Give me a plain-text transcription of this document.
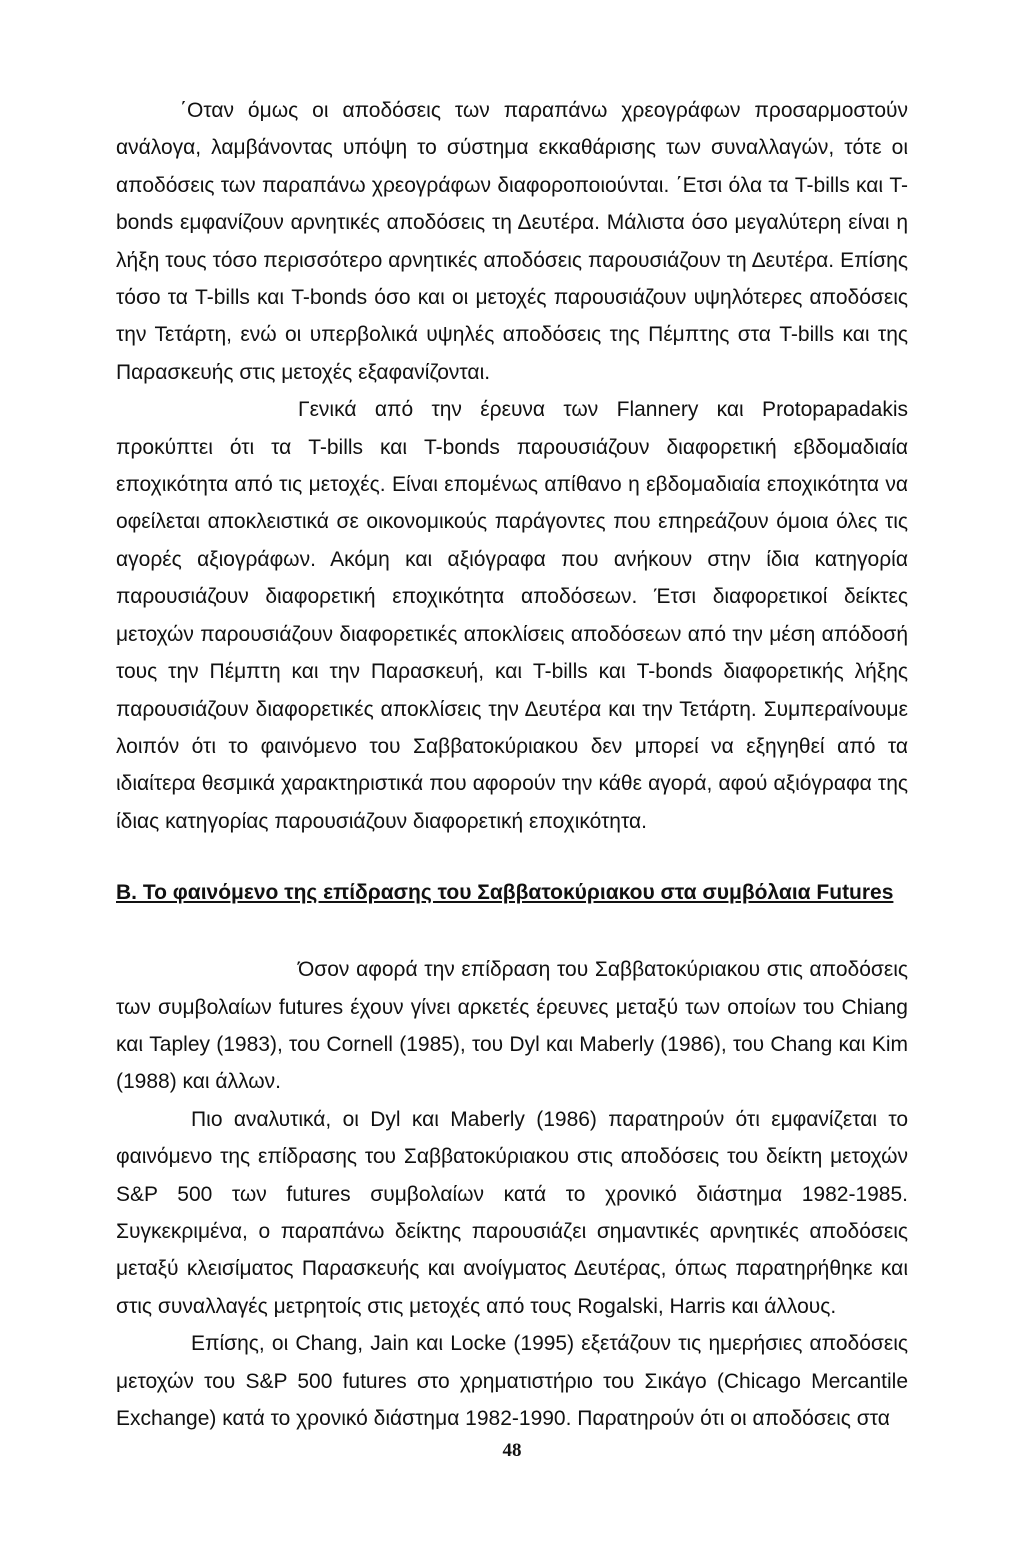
΄Οταν όμως οι αποδόσεις των παραπάνω χρεογράφων προσαρμοστούν ανάλογα, λαμβάνοντας υπόψη το σύστημα εκκαθάρισης των συναλλαγών, τότε οι αποδόσεις των παραπάνω χρεογράφων διαφοροποιούνται. ΄Ετσι όλα τα T-bills και T-bonds εμφανίζουν αρνητικές αποδόσεις τη Δευτέρα. Μάλιστα όσο μεγαλύτερη είναι η λήξη τους τόσο περισσότερο αρνητικές αποδόσεις παρουσιάζουν τη Δευτέρα. Επίσης τόσο τα T-bills και T-bonds όσο και οι μετοχές παρουσιάζουν υψηλότερες αποδόσεις την Τετάρτη, ενώ οι υπερβολικά υψηλές αποδόσεις της Πέμπτης στα T-bills και της Παρασκευής στις μετοχές εξαφανίζονται.

Γενικά από την έρευνα των Flannery και Protopapadakis προκύπτει ότι τα T-bills και T-bonds παρουσιάζουν διαφορετική εβδομαδιαία εποχικότητα από τις μετοχές. Είναι επομένως απίθανο η εβδομαδιαία εποχικότητα να οφείλεται αποκλειστικά σε οικονομικούς παράγοντες που επηρεάζουν όμοια όλες τις αγορές αξιογράφων. Ακόμη και αξιόγραφα που ανήκουν στην ίδια κατηγορία παρουσιάζουν διαφορετική εποχικότητα αποδόσεων. Έτσι διαφορετικοί δείκτες μετοχών παρουσιάζουν διαφορετικές αποκλίσεις αποδόσεων από την μέση απόδοσή τους την Πέμπτη και την Παρασκευή, και T-bills και T-bonds διαφορετικής λήξης παρουσιάζουν διαφορετικές αποκλίσεις την Δευτέρα και την Τετάρτη. Συμπεραίνουμε λοιπόν ότι το φαινόμενο του Σαββατοκύριακου δεν μπορεί να εξηγηθεί από τα ιδιαίτερα θεσμικά χαρακτηριστικά που αφορούν την κάθε αγορά, αφού αξιόγραφα της ίδιας κατηγορίας παρουσιάζουν διαφορετική εποχικότητα.

Β. Το φαινόμενο της επίδρασης του Σαββατοκύριακου στα συμβόλαια Futures

Όσον αφορά την επίδραση του Σαββατοκύριακου στις αποδόσεις των συμβολαίων futures έχουν γίνει αρκετές έρευνες μεταξύ των οποίων του Chiang και Tapley (1983), του Cornell (1985), του Dyl και Maberly (1986), του Chang και Kim (1988) και άλλων.

Πιο αναλυτικά, οι Dyl και Maberly (1986) παρατηρούν ότι εμφανίζεται το φαινόμενο της επίδρασης του Σαββατοκύριακου στις αποδόσεις του δείκτη μετοχών S&P 500 των futures συμβολαίων κατά το χρονικό διάστημα 1982-1985. Συγκεκριμένα, ο παραπάνω δείκτης παρουσιάζει σημαντικές αρνητικές αποδόσεις μεταξύ κλεισίματος Παρασκευής και ανοίγματος Δευτέρας, όπως παρατηρήθηκε και στις συναλλαγές μετρητοίς στις μετοχές από τους Rogalski, Harris και άλλους.

Επίσης, οι Chang, Jain και Locke (1995) εξετάζουν τις ημερήσιες αποδόσεις μετοχών του S&P 500 futures στο χρηματιστήριο του Σικάγο (Chicago Mercantile Exchange) κατά το χρονικό διάστημα 1982-1990. Παρατηρούν ότι οι αποδόσεις στα

48
